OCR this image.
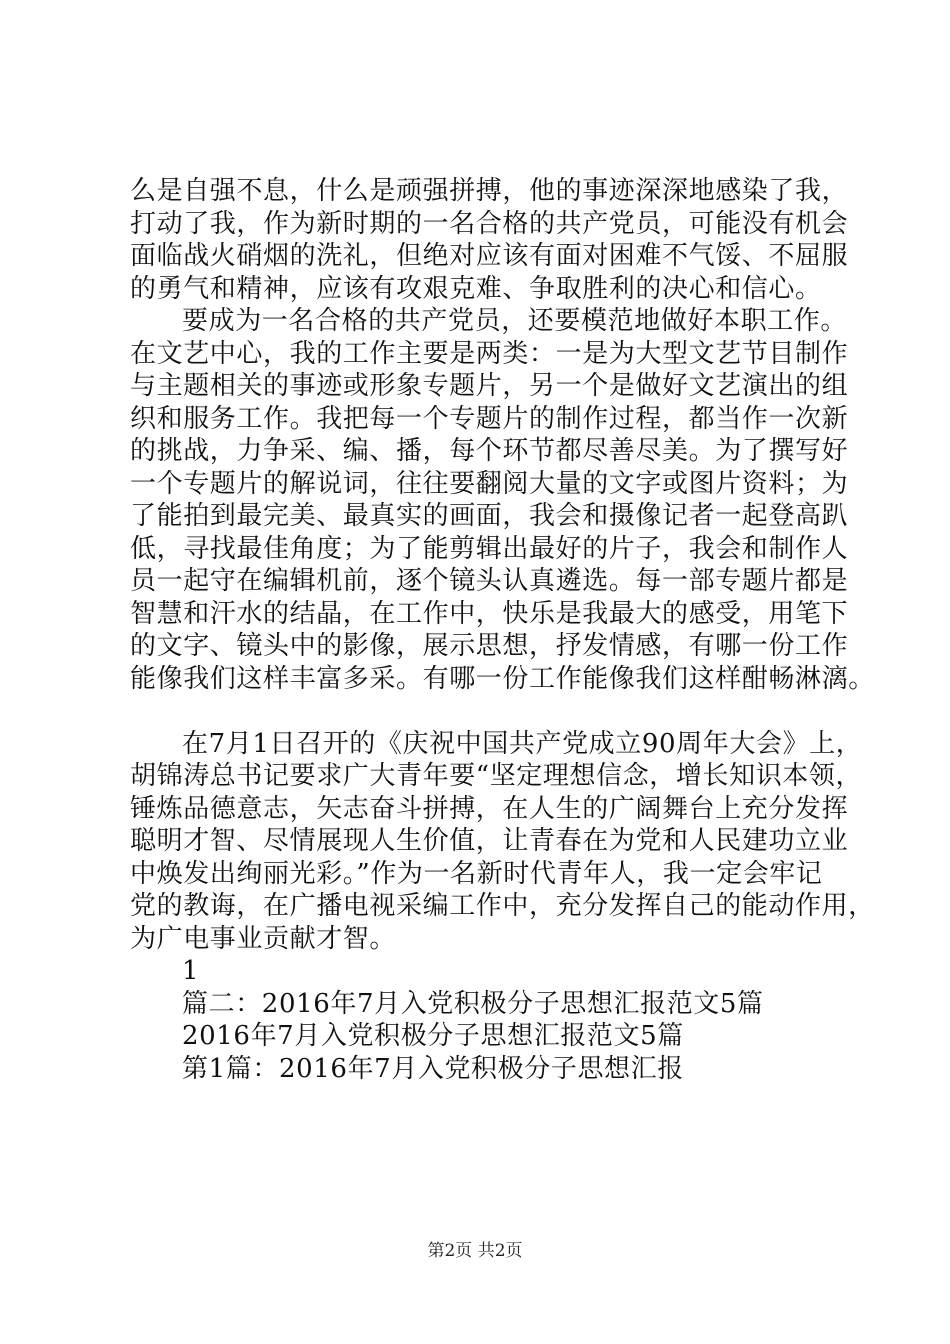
么是自强不息，什么是顽强拼搏，他的事迹深深地感染了我，
打动了我，作为新时期的一名合格的共产党员，可能没有机会
面临战火硝烟的洗礼，但绝对应该有面对困难不气馁、不屈服
的勇气和精神，应该有攻艰克难、争取胜利的决心和信心。
要成为一名合格的共产党员，还要模范地做好本职工作。
在文艺中心，我的工作主要是两类：一是为大型文艺节目制作
与主题相关的事迹或形象专题片，另一个是做好文艺演出的组
织和服务工作。我把每一个专题片的制作过程，都当作一次新
的挑战，力争采、编、播，每个环节都尽善尽美。为了撰写好
一个专题片的解说词，往往要翻阅大量的文字或图片资料；为
了能拍到最完美、最真实的画面，我会和摄像记者一起登高趴
低，寻找最佳角度；为了能剪辑出最好的片子，我会和制作人
员一起守在编辑机前，逐个镜头认真遴选。每一部专题片都是
智慧和汗水的结晶，在工作中，快乐是我最大的感受，用笔下
的文字、镜头中的影像，展示思想，抒发情感，有哪一份工作
能像我们这样丰富多采。有哪一份工作能像我们这样酣畅淋漓。
在7月1日召开的《庆祝中国共产党成立90周年大会》上，
胡锦涛总书记要求广大青年要“坚定理想信念，增长知识本领，
锤炼品德意志，矢志奋斗拼搏，在人生的广阔舞台上充分发挥
聪明才智、尽情展现人生价值，让青春在为党和人民建功立业
中焕发出绚丽光彩。”作为一名新时代青年人，我一定会牢记
党的教诲，在广播电视采编工作中，充分发挥自己的能动作用，
为广电事业贡献才智。
1
篇二：2016年7月入党积极分子思想汇报范文5篇
2016年7月入党积极分子思想汇报范文5篇
第1篇：2016年7月入党积极分子思想汇报
第2页 共2页
